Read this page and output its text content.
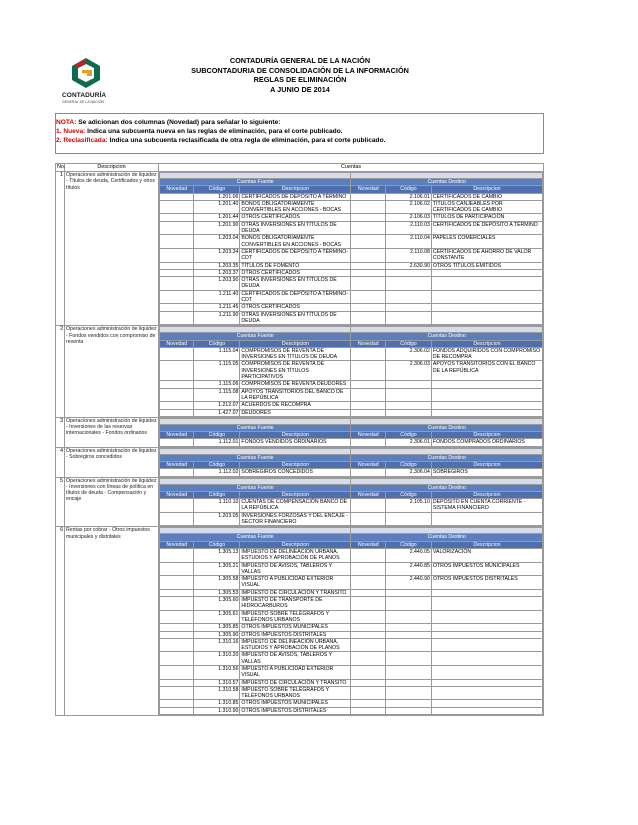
CONTADURÍA
GENERAL DE LA NACIÓN
CONTADURÍA GENERAL DE LA NACIÓN
SUBCONTADURIA DE CONSOLIDACIÓN DE LA INFORMACIÓN
REGLAS DE ELIMINACIÓN
A JUNIO DE 2014
NOTA: Se adicionan dos columnas (Novedad) para señalar lo siguiente:
1. Nueva: Indica una subcuenta nueva en las reglas de eliminación, para el corte publicado.
2. Reclasificada: Indica una subcuenta reclasificada de otra regla de eliminación, para el corte publicado.
No.	Descripcion	Cuentas
1	Operaciones administración de liquidez - Títulos de deuda, Certificados y otros títulos	

Cuentas Fuente	Cuentas Destino
Novedad	Código	Descripcion	Novedad	Código	Descripcion
	1.201.06	CERTIFICADOS DE DEPÓSITO A TÉRMINO		2.106.01	CERTIFICADOS DE CAMBIO
	1.201.40	BONOS OBLIGATORIAMENTE CONVERTIBLES EN ACCIONES - BOCAS		2.106.02	TÍTULOS CANJEABLES POR CERTIFICADOS DE CAMBIO
	1.201.44	OTROS CERTIFICADOS		2.106.03	TÍTULOS DE PARTICIPACIÓN
	1.201.90	OTRAS INVERSIONES EN TÍTULOS DE DEUDA		2.110.03	CERTIFICADOS DE DEPÓSITO A TÉRMINO
	1.203.04	BONOS OBLIGATORIAMENTE CONVERTIBLES EN ACCIONES - BOCAS		2.110.04	PAPELES COMERCIALES
	1.203.34	CERTIFICADOS DE DEPÓSITO A TÉRMINO-CDT		2.110.08	CERTIFICADOS DE AHORRO DE VALOR CONSTANTE
	1.203.35	TÍTULOS DE FOMENTO		2.630.90	OTROS TÍTULOS EMITIDOS
	1.203.37	OTROS CERTIFICADOS			
	1.203.90	OTRAS INVERSIONES EN TÍTULOS DE DEUDA			
	1.211.40	CERTIFICADOS DE DEPÓSITO A TÉRMINO-CDT			
	1.211.45	OTROS CERTIFICADOS			
	1.211.90	OTRAS INVERSIONES EN TÍTULOS DE DEUDA			

2	Operaciones administración de liquidez - Fondos vendidos con compromiso de reventa	

Cuentas Fuente	Cuentas Destino
Novedad	Código	Descripcion	Novedad	Código	Descripcion
	1.115.04	COMPROMISOS DE REVENTA DE INVERSIONES EN TÍTULOS DE DEUDA		2.306.02	FONDOS ADQUIRIDOS CON COMPROMISO DE RECOMPRA
	1.115.05	COMPROMISOS DE REVENTA DE INVERSIONES EN TÍTULOS PARTICIPATIVOS		2.306.03	APOYOS TRANSITORIOS CON EL BANCO DE LA REPÚBLICA
	1.115.06	COMPROMISOS DE REVENTA DEUDORES			
	1.115.08	APOYOS TRANSITORIOS DEL BANCO DE LA REPÚBLICA			
	1.212.07	ACUERDOS DE RECOMPRA			
	1.427.07	DEUDORES			

3	Operaciones administración de liquidez - Inversiones de las reservas internacionales - Fondos ordinarios	

Cuentas Fuente	Cuentas Destino
Novedad	Código	Descripcion	Novedad	Código	Descripcion
	1.112.01	FONDOS VENDIDOS ORDINARIOS		2.306.01	FONDOS COMPRADOS ORDINARIOS

4	Operaciones administración de liquidez - Sobregiros concedidos	
		Cuentas Fuente	Cuentas Destino
Novedad	Código	Descripcion	Novedad	Código	Descripcion
	1.112.02	SOBREGIROS CONCEDIDOS		2.306.04	SOBREGIROS

5	Operaciones administración de liquidez - Inversiones con líneas de política en títulos de deuda - Compensación y encaje	

Cuentas Fuente	Cuentas Destino
Novedad	Código	Descripcion	Novedad	Código	Descripcion
	1.110.10	CUENTAS DE COMPENSACIÓN BANCO DE LA REPÚBLICA		2.105.10	DEPÓSITO EN CUENTA CORRIENTE - SISTEMA FINANCIERO
	1.203.05	INVERSIONES FORZOSAS Y DEL ENCAJE - SECTOR FINANCIERO			

6	Rentas por cobrar - Otros impuestos municipales y distritales	
		Cuentas Fuente	Cuentas Destino
Novedad	Código	Descripcion	Novedad	Código	Descripcion
	1.305.13	IMPUESTO DE DELINEACIÓN URBANA, ESTUDIOS Y APROBACIÓN DE PLANOS		2.440.05	VALORIZACIÓN
	1.305.21	IMPUESTO DE AVISOS, TABLEROS Y VALLAS		2.440.85	OTROS IMPUESTOS MUNICIPALES
	1.305.58	IMPUESTO A PUBLICIDAD EXTERIOR VISUAL		2.440.90	OTROS IMPUESTOS DISTRITALES
	1.305.53	IMPUESTO DE CIRCULACIÓN Y TRANSITO			
	1.305.60	IMPUESTO DE TRANSPORTE DE HIDROCARBUROS			
	1.305.61	IMPUESTO SOBRE TELÉGRAFOS Y TELÉFONOS URBANOS			
	1.305.85	OTROS IMPUESTOS MUNICIPALES			
	1.305.90	OTROS IMPUESTOS DISTRITALES			
	1.310.16	IMPUESTO DE DELINEACIÓN URBANA, ESTUDIOS Y APROBACIÓN DE PLANOS			
	1.310.20	IMPUESTO DE AVISOS, TABLEROS Y VALLAS			
	1.310.56	IMPUESTO A PUBLICIDAD EXTERIOR VISUAL			
	1.310.57	IMPUESTO DE CIRCULACIÓN Y TRANSITO			
	1.310.58	IMPUESTO SOBRE TELÉGRAFOS Y TELÉFONOS URBANOS			
	1.310.85	OTROS IMPUESTOS MUNICIPALES			
	1.310.90	OTROS IMPUESTOS DISTRITALES			
